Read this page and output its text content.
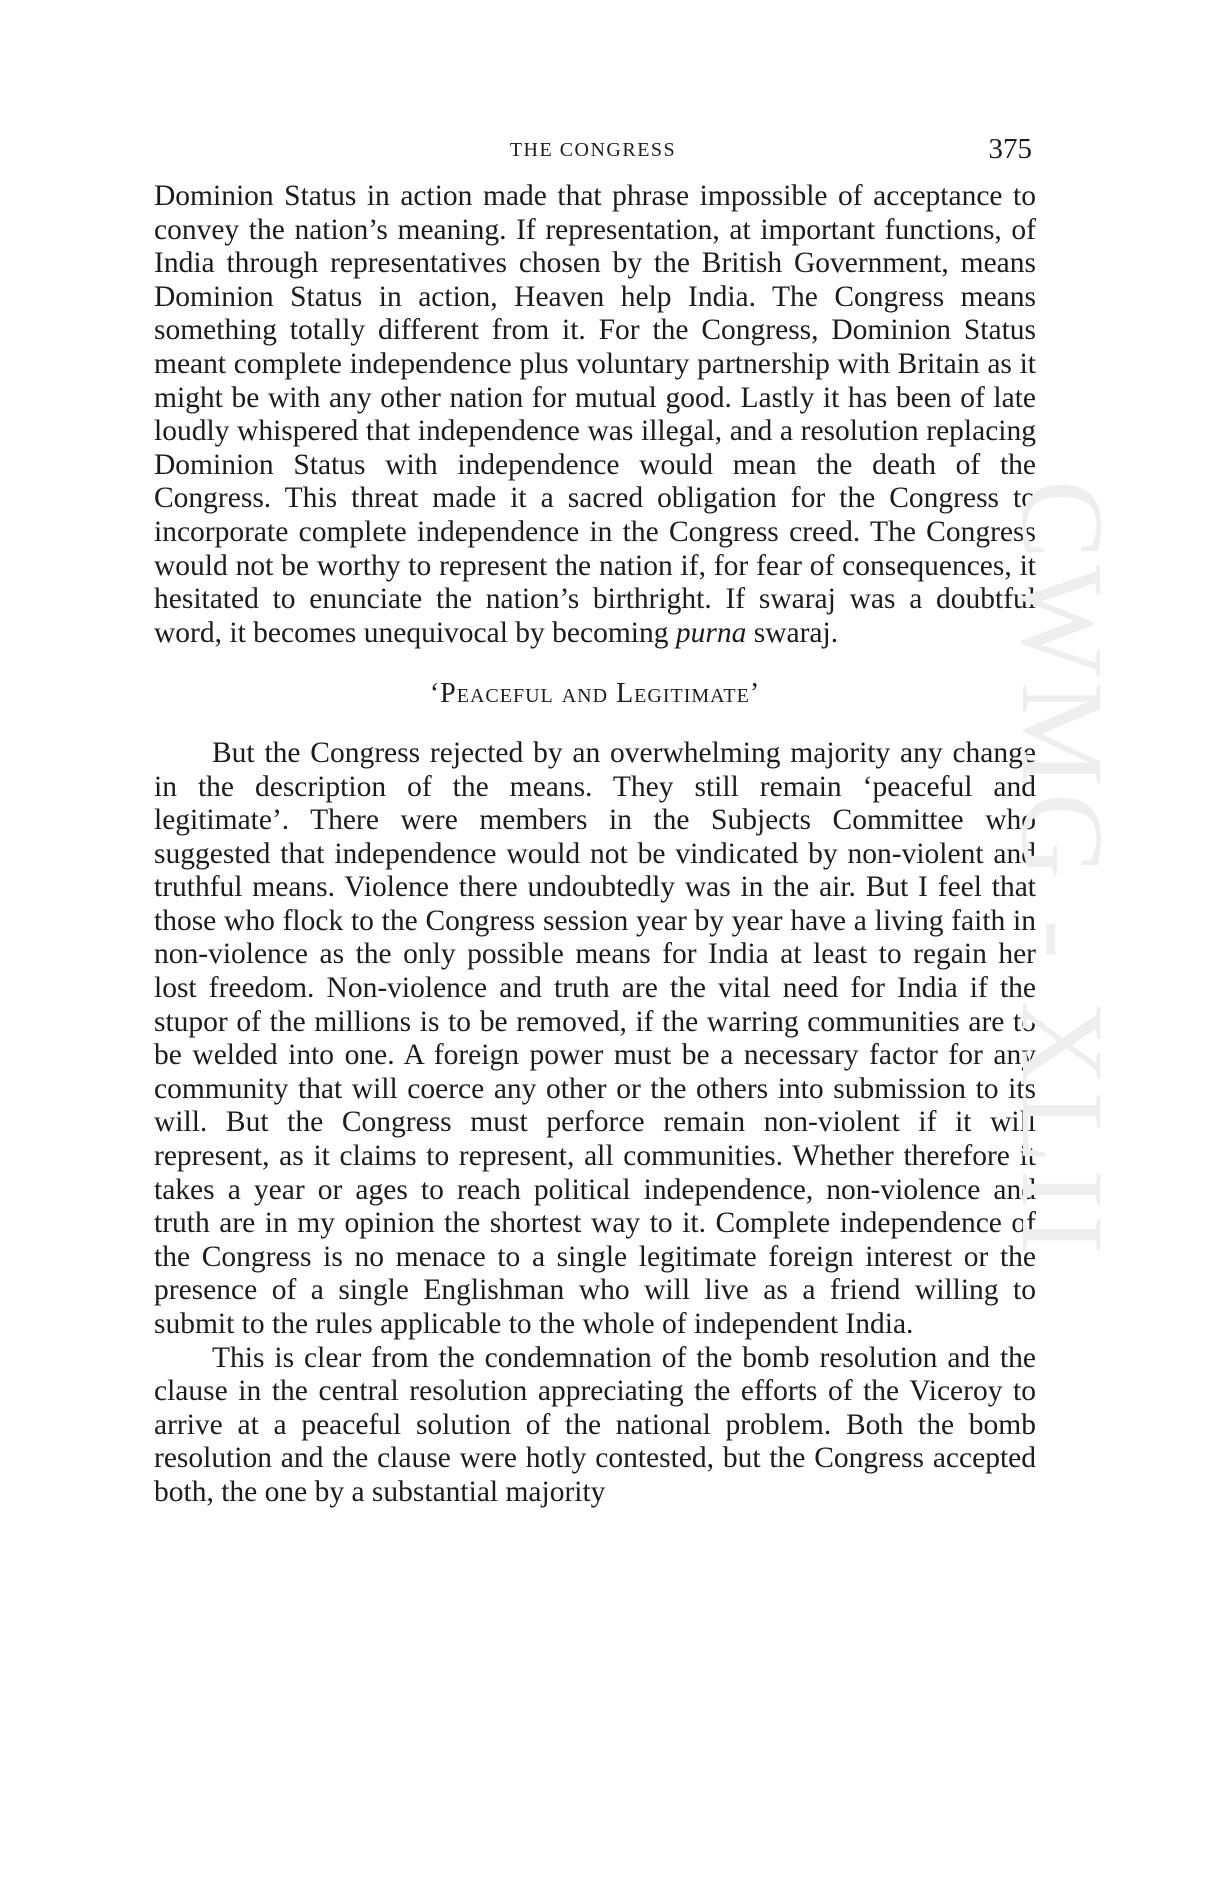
THE CONGRESS	375

Dominion Status in action made that phrase impossible of acceptance to convey the nation’s meaning. If representation, at important functions, of India through representatives chosen by the British Government, means Dominion Status in action, Heaven help India. The Congress means something totally different from it. For the Congress, Dominion Status meant complete independence plus voluntary partnership with Britain as it might be with any other nation for mutual good. Lastly it has been of late loudly whispered that independence was illegal, and a resolution replacing Dominion Status with independence would mean the death of the Congress. This threat made it a sacred obligation for the Congress to incorporate complete independence in the Congress creed. The Congress would not be worthy to represent the nation if, for fear of consequences, it hesitated to enunciate the nation’s birthright. If swaraj was a doubtful word, it becomes unequivocal by becoming purna swaraj.

‘Peaceful and Legitimate’

But the Congress rejected by an overwhelming majority any change in the description of the means. They still remain ‘peaceful and legitimate’. There were members in the Subjects Committee who suggested that independence would not be vindicated by non-violent and truthful means. Violence there undoubtedly was in the air. But I feel that those who flock to the Congress session year by year have a living faith in non-violence as the only possible means for India at least to regain her lost freedom. Non-violence and truth are the vital need for India if the stupor of the millions is to be removed, if the warring communities are to be welded into one. A foreign power must be a necessary factor for any community that will coerce any other or the others into submission to its will. But the Congress must perforce remain non-violent if it will represent, as it claims to represent, all communities. Whether therefore it takes a year or ages to reach political independence, non-violence and truth are in my opinion the shortest way to it. Complete independence of the Congress is no menace to a single legitimate foreign interest or the presence of a single Englishman who will live as a friend willing to submit to the rules applicable to the whole of independent India.

This is clear from the condemnation of the bomb resolution and the clause in the central resolution appreciating the efforts of the Viceroy to arrive at a peaceful solution of the national problem. Both the bomb resolution and the clause were hotly contested, but the Congress accepted both, the one by a substantial majority

CWMG - XLII
